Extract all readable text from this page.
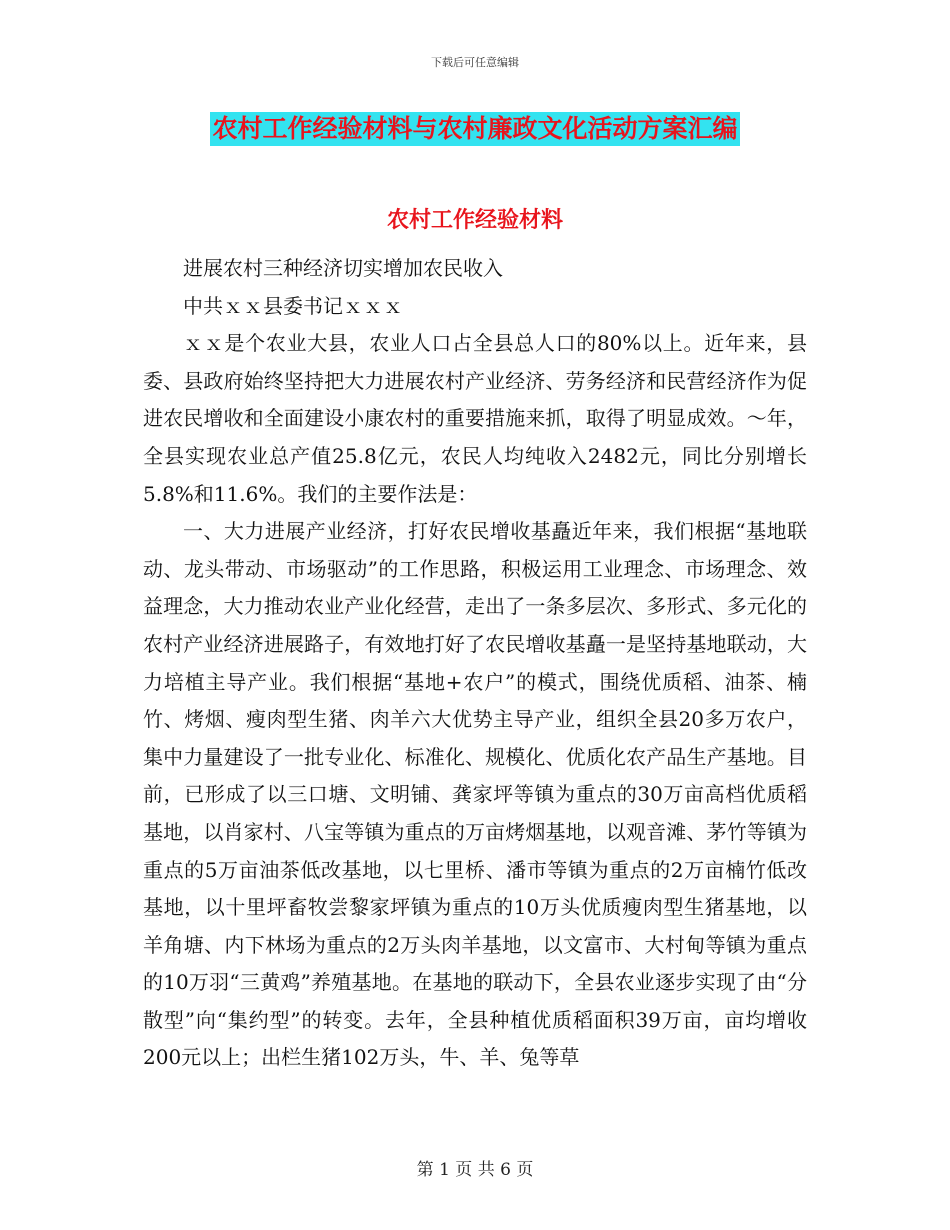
下载后可任意编辑
农村工作经验材料与农村廉政文化活动方案汇编
农村工作经验材料

进展农村三种经济切实增加农民收入

中共ｘｘ县委书记ｘｘｘ

ｘｘ是个农业大县，农业人口占全县总人口的80%以上。近年来，县委、县政府始终坚持把大力进展农村产业经济、劳务经济和民营经济作为促进农民增收和全面建设小康农村的重要措施来抓，取得了明显成效。～年，全县实现农业总产值25.8亿元，农民人均纯收入2482元，同比分别增长5.8%和11.6%。我们的主要作法是：

一、大力进展产业经济，打好农民增收基矗近年来，我们根据“基地联动、龙头带动、市场驱动”的工作思路，积极运用工业理念、市场理念、效益理念，大力推动农业产业化经营，走出了一条多层次、多形式、多元化的农村产业经济进展路子，有效地打好了农民增收基矗一是坚持基地联动，大力培植主导产业。我们根据“基地+农户”的模式，围绕优质稻、油茶、楠竹、烤烟、瘦肉型生猪、肉羊六大优势主导产业，组织全县20多万农户，集中力量建设了一批专业化、标准化、规模化、优质化农产品生产基地。目前，已形成了以三口塘、文明铺、龚家坪等镇为重点的30万亩高档优质稻基地，以肖家村、八宝等镇为重点的万亩烤烟基地，以观音滩、茅竹等镇为重点的5万亩油茶低改基地，以七里桥、潘市等镇为重点的2万亩楠竹低改基地，以十里坪畜牧尝黎家坪镇为重点的10万头优质瘦肉型生猪基地，以羊角塘、内下林场为重点的2万头肉羊基地，以文富市、大村甸等镇为重点的10万羽“三黄鸡”养殖基地。在基地的联动下，全县农业逐步实现了由“分散型”向“集约型”的转变。去年，全县种植优质稻面积39万亩，亩均增收200元以上；出栏生猪102万头，牛、羊、兔等草

第 1 页 共 6 页
